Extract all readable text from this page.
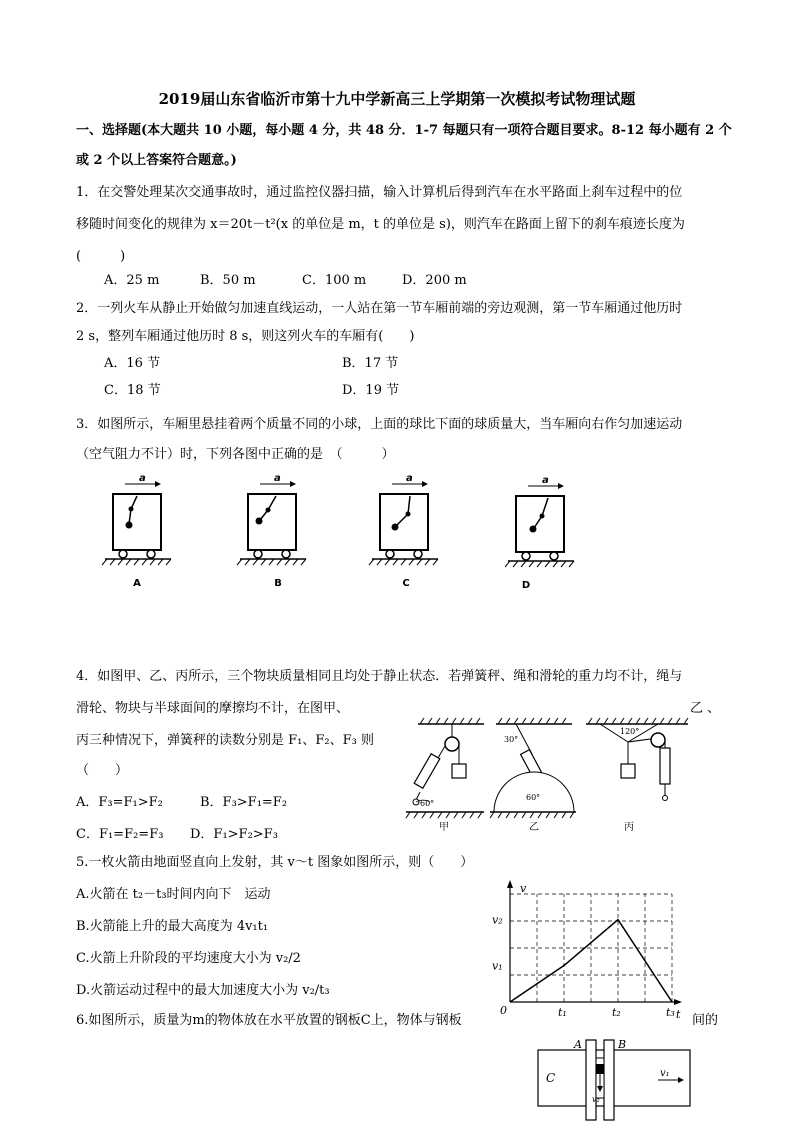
2019届山东省临沂市第十九中学新高三上学期第一次模拟考试物理试题
一、选择题(本大题共 10 小题，每小题 4 分，共 48 分．1-7 每题只有一项符合题目要求。8-12 每小题有 2 个
或 2 个以上答案符合题意。)
1．在交警处理某次交通事故时，通过监控仪器扫描，输入计算机后得到汽车在水平路面上刹车过程中的位
移随时间变化的规律为 x＝20t－t²(x 的单位是 m，t 的单位是 s)，则汽车在路面上留下的刹车痕迹长度为
(　　　)
A．25 m	B．50 m	C．100 m	D．200 m
2．一列火车从静止开始做匀加速直线运动，一人站在第一节车厢前端的旁边观测，第一节车厢通过他历时
2 s，整列车厢通过他历时 8 s，则这列火车的车厢有(　　)
A．16 节	B．17 节
C．18 节	D．19 节
3．如图所示，车厢里悬挂着两个质量不同的小球，上面的球比下面的球质量大，当车厢向右作匀加速运动
（空气阻力不计）时，下列各图中正确的是　（　　　）
a
A
a
B
a
C
a
D
4．如图甲、乙、丙所示，三个物块质量相同且均处于静止状态．若弹簧秤、绳和滑轮的重力均不计，绳与
滑轮、物块与半球面间的摩擦均不计，在图甲、	乙 、
丙三种情况下，弹簧秤的读数分别是 F₁、F₂、F₃ 则
（　　）
A．F₃=F₁>F₂	B．F₃>F₁=F₂
C．F₁=F₂=F₃ D．F₁>F₂>F₃
60°
甲
30°
60°
乙
120°
丙
5.一枚火箭由地面竖直向上发射，其 v～t 图象如图所示，则（　　）
A.火箭在 t₂－t₃时间内向下　运动
B.火箭能上升的最大高度为 4v₁t₁
C.火箭上升阶段的平均速度大小为 v₂/2
D.火箭运动过程中的最大加速度大小为 v₂/t₃
v
t
0	t₁	t₂	t₃
v₁
v₂
6.如图所示，质量为m的物体放在水平放置的钢板C上，物体与钢板	间的
A	B
C	v₁
v₂
